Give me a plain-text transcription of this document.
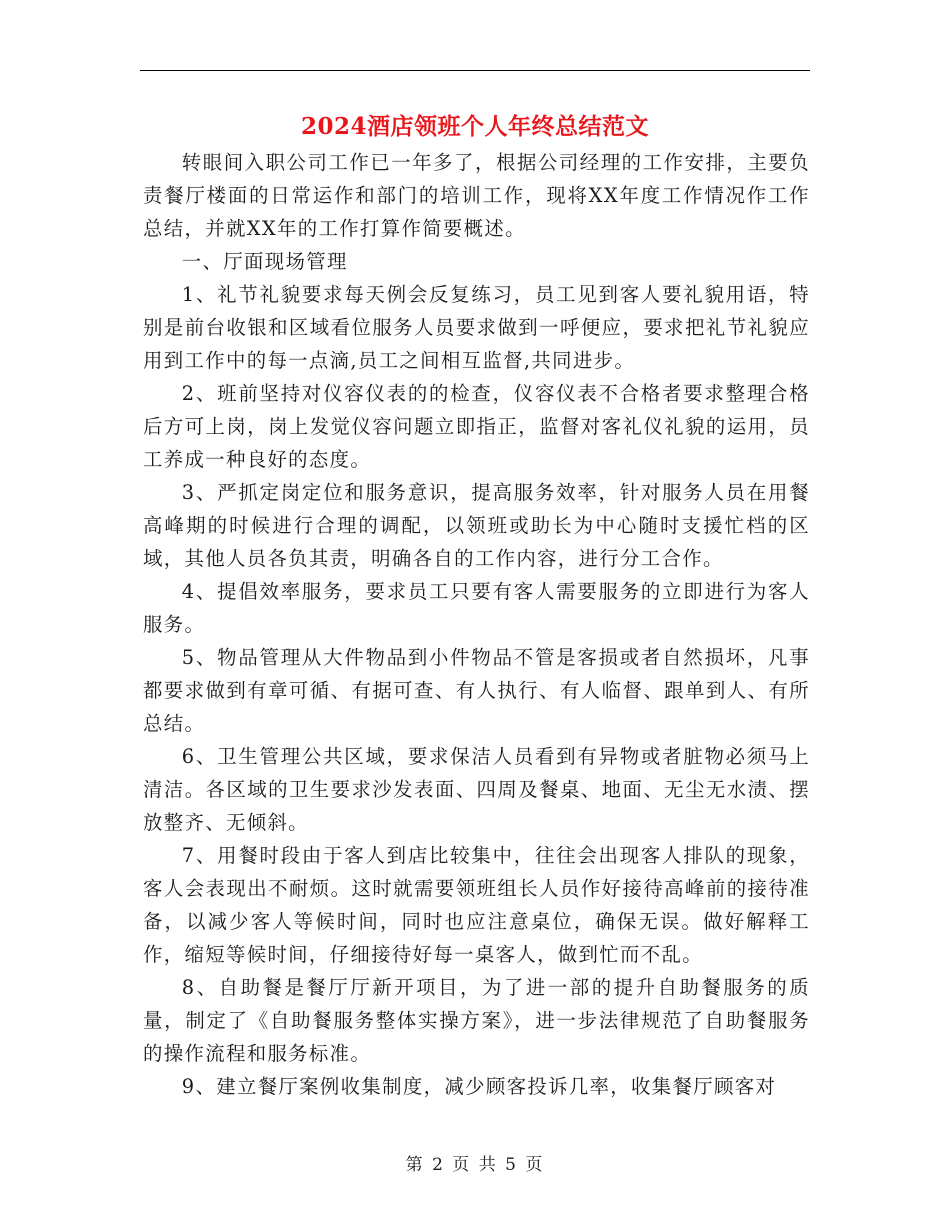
2024酒店领班个人年终总结范文

转眼间入职公司工作已一年多了，根据公司经理的工作安排，主要负责餐厅楼面的日常运作和部门的培训工作，现将XX年度工作情况作工作总结，并就XX年的工作打算作简要概述。

一、厅面现场管理

1、礼节礼貌要求每天例会反复练习，员工见到客人要礼貌用语，特别是前台收银和区域看位服务人员要求做到一呼便应，要求把礼节礼貌应用到工作中的每一点滴,员工之间相互监督,共同进步。

2、班前坚持对仪容仪表的的检查，仪容仪表不合格者要求整理合格后方可上岗，岗上发觉仪容问题立即指正，监督对客礼仪礼貌的运用，员工养成一种良好的态度。

3、严抓定岗定位和服务意识，提高服务效率，针对服务人员在用餐高峰期的时候进行合理的调配，以领班或助长为中心随时支援忙档的区域，其他人员各负其责，明确各自的工作内容，进行分工合作。

4、提倡效率服务，要求员工只要有客人需要服务的立即进行为客人服务。

5、物品管理从大件物品到小件物品不管是客损或者自然损坏，凡事都要求做到有章可循、有据可查、有人执行、有人临督、跟单到人、有所总结。

6、卫生管理公共区域，要求保洁人员看到有异物或者脏物必须马上清洁。各区域的卫生要求沙发表面、四周及餐桌、地面、无尘无水渍、摆放整齐、无倾斜。

7、用餐时段由于客人到店比较集中，往往会出现客人排队的现象，客人会表现出不耐烦。这时就需要领班组长人员作好接待高峰前的接待准备，以减少客人等候时间，同时也应注意桌位，确保无误。做好解释工作，缩短等候时间，仔细接待好每一桌客人，做到忙而不乱。

8、自助餐是餐厅厅新开项目，为了进一部的提升自助餐服务的质量，制定了《自助餐服务整体实操方案》，进一步法律规范了自助餐服务的操作流程和服务标准。

9、建立餐厅案例收集制度，减少顾客投诉几率，收集餐厅顾客对

第 2 页 共 5 页
